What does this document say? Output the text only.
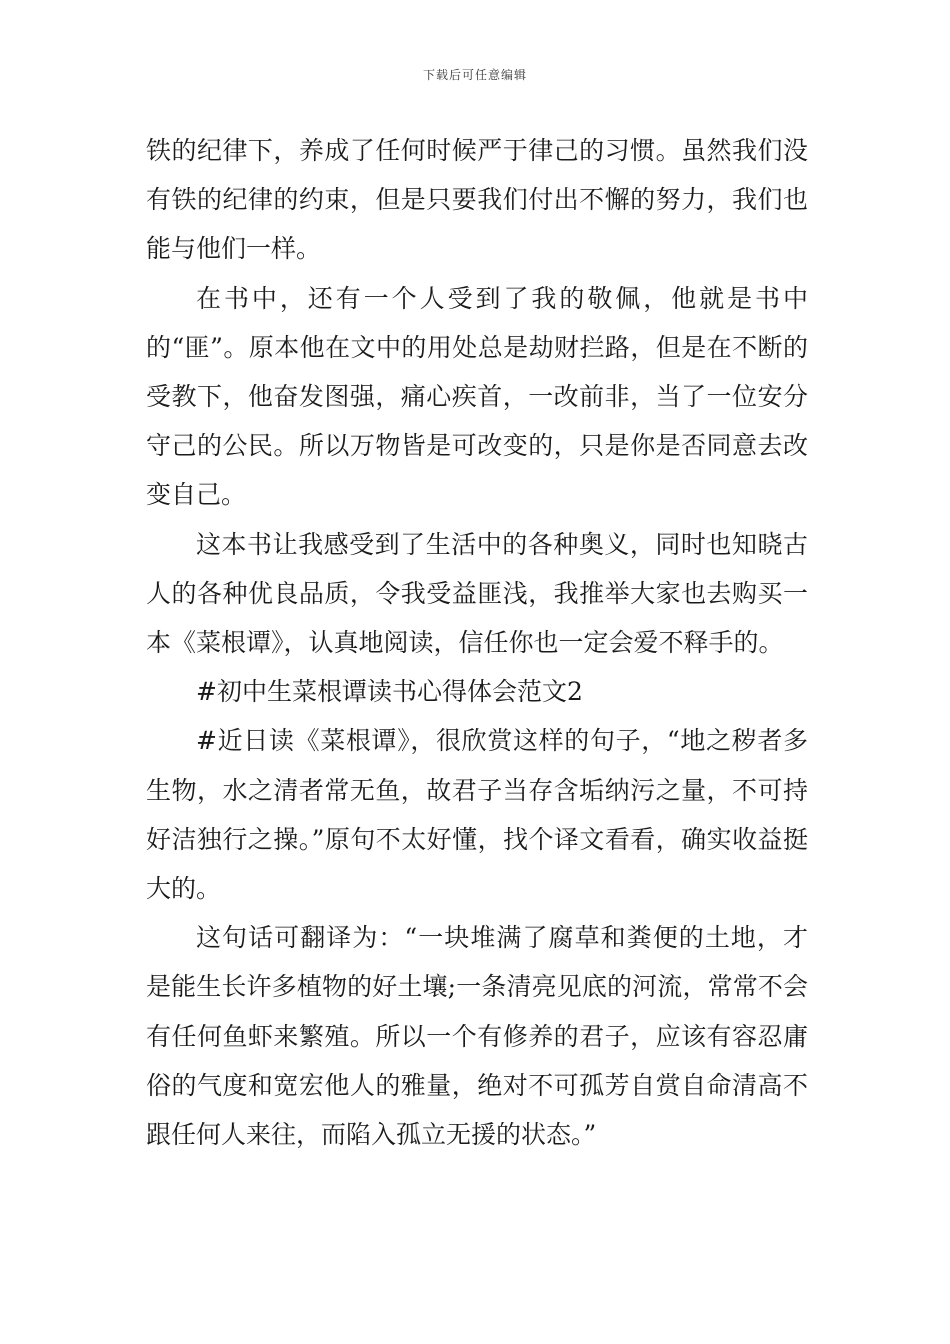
下载后可任意编辑

铁的纪律下，养成了任何时候严于律己的习惯。虽然我们没有铁的纪律的约束，但是只要我们付出不懈的努力，我们也能与他们一样。

在书中，还有一个人受到了我的敬佩，他就是书中的“匪”。原本他在文中的用处总是劫财拦路，但是在不断的受教下，他奋发图强，痛心疾首，一改前非，当了一位安分守己的公民。所以万物皆是可改变的，只是你是否同意去改变自己。

这本书让我感受到了生活中的各种奥义，同时也知晓古人的各种优良品质，令我受益匪浅，我推举大家也去购买一本《菜根谭》，认真地阅读，信任你也一定会爱不释手的。

#初中生菜根谭读书心得体会范文2

#近日读《菜根谭》，很欣赏这样的句子，“地之秽者多生物，水之清者常无鱼，故君子当存含垢纳污之量，不可持好洁独行之操。”原句不太好懂，找个译文看看，确实收益挺大的。

这句话可翻译为：“一块堆满了腐草和粪便的土地，才是能生长许多植物的好土壤;一条清亮见底的河流，常常不会有任何鱼虾来繁殖。所以一个有修养的君子，应该有容忍庸俗的气度和宽宏他人的雅量，绝对不可孤芳自赏自命清高不跟任何人来往，而陷入孤立无援的状态。”
